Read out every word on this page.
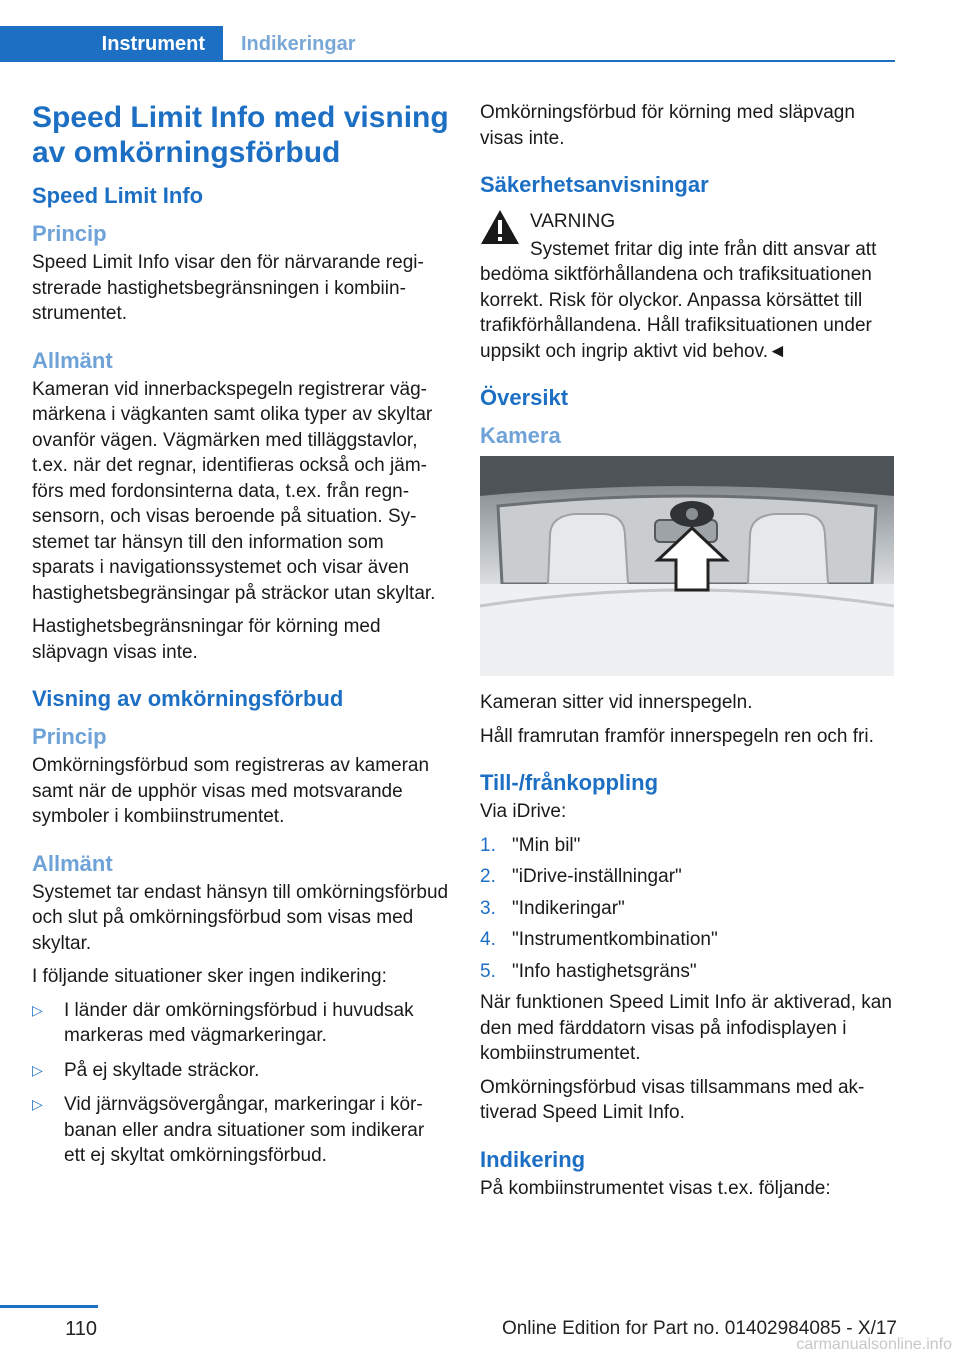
Instrument	Indikeringar
Speed Limit Info med visning av omkörningsförbud
Speed Limit Info
Princip

Speed Limit Info visar den för närvarande registrerade hastighetsbegränsningen i kombiinstrumentet.

Allmänt

Kameran vid innerbackspegeln registrerar vägmärkena i vägkanten samt olika typer av skyltar ovanför vägen. Vägmärken med tilläggstavlor, t.ex. när det regnar, identifieras också och jämförs med fordonsinterna data, t.ex. från regnsensorn, och visas beroende på situation. Systemet tar hänsyn till den information som sparats i navigationssystemet och visar även hastighetsbegränsingar på sträckor utan skyltar.

Hastighetsbegränsningar för körning med släpvagn visas inte.

Visning av omkörningsförbud
Princip

Omkörningsförbud som registreras av kameran samt när de upphör visas med motsvarande symboler i kombiinstrumentet.

Allmänt

Systemet tar endast hänsyn till omkörningsförbud och slut på omkörningsförbud som visas med skyltar.

I följande situationer sker ingen indikering:

▷ I länder där omkörningsförbud i huvudsak markeras med vägmarkeringar.
▷ På ej skyltade sträckor.
▷ Vid järnvägsövergångar, markeringar i körbanan eller andra situationer som indikerar ett ej skyltat omkörningsförbud.

Omkörningsförbud för körning med släpvagn visas inte.

Säkerhetsanvisningar

VARNING

Systemet fritar dig inte från ditt ansvar att

bedöma siktförhållandena och trafiksituationen korrekt. Risk för olyckor. Anpassa körsättet till trafikförhållandena. Håll trafiksituationen under uppsikt och ingrip aktivt vid behov.◄

Översikt
Kamera

Kameran sitter vid innerspegeln.

Håll framrutan framför innerspegeln ren och fri.

Till-/frånkoppling

Via iDrive:

1. "Min bil"
2. "iDrive-inställningar"
3. "Indikeringar"
4. "Instrumentkombination"
5. "Info hastighetsgräns"

När funktionen Speed Limit Info är aktiverad, kan den med färddatorn visas på infodisplayen i kombiinstrumentet.

Omkörningsförbud visas tillsammans med aktiverad Speed Limit Info.

Indikering

På kombiinstrumentet visas t.ex. följande:

110	Online Edition for Part no. 01402984085 - X/17
carmanualsonline.info
